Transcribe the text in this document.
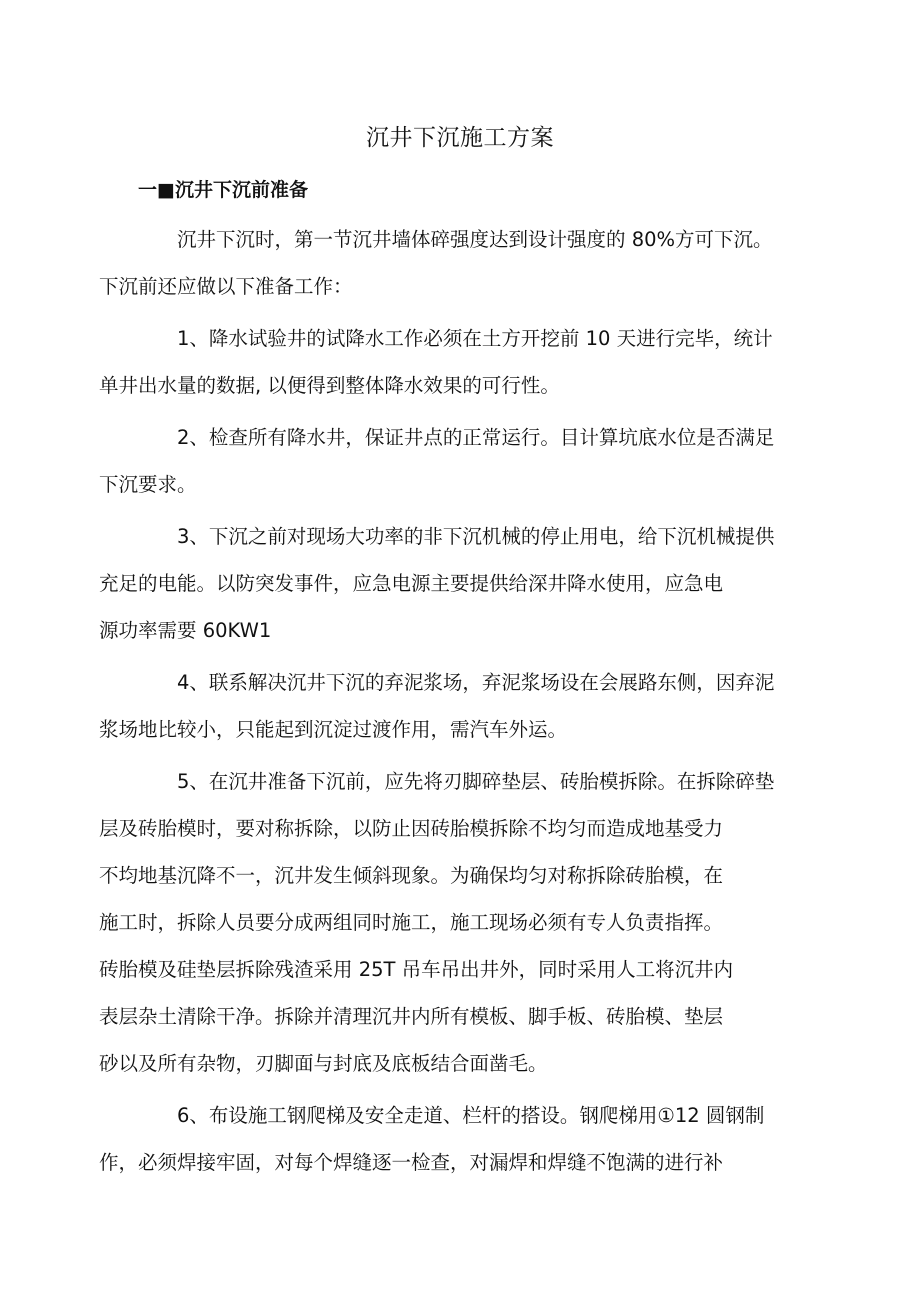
沉井下沉施工方案
一■沉井下沉前准备

沉井下沉时，第一节沉井墙体碎强度达到设计强度的 80%方可下沉。
下沉前还应做以下准备工作：

1、降水试验井的试降水工作必须在土方开挖前 10 天进行完毕，统计
单井出水量的数据, 以便得到整体降水效果的可行性。

2、检查所有降水井，保证井点的正常运行。目计算坑底水位是否满足
下沉要求。

3、下沉之前对现场大功率的非下沉机械的停止用电，给下沉机械提供
充足的电能。以防突发事件，应急电源主要提供给深井降水使用，应急电
源功率需要 60KW1

4、联系解决沉井下沉的弃泥浆场，弃泥浆场设在会展路东侧，因弃泥
浆场地比较小，只能起到沉淀过渡作用，需汽车外运。

5、在沉井准备下沉前，应先将刃脚碎垫层、砖胎模拆除。在拆除碎垫
层及砖胎模时，要对称拆除，以防止因砖胎模拆除不均匀而造成地基受力
不均地基沉降不一，沉井发生倾斜现象。为确保均匀对称拆除砖胎模，在
施工时，拆除人员要分成两组同时施工，施工现场必须有专人负责指挥。
砖胎模及硅垫层拆除残渣采用 25T 吊车吊出井外，同时采用人工将沉井内
表层杂土清除干净。拆除并清理沉井内所有模板、脚手板、砖胎模、垫层
砂以及所有杂物，刃脚面与封底及底板结合面凿毛。

6、布设施工钢爬梯及安全走道、栏杆的搭设。钢爬梯用①12 圆钢制
作，必须焊接牢固，对每个焊缝逐一检查，对漏焊和焊缝不饱满的进行补
